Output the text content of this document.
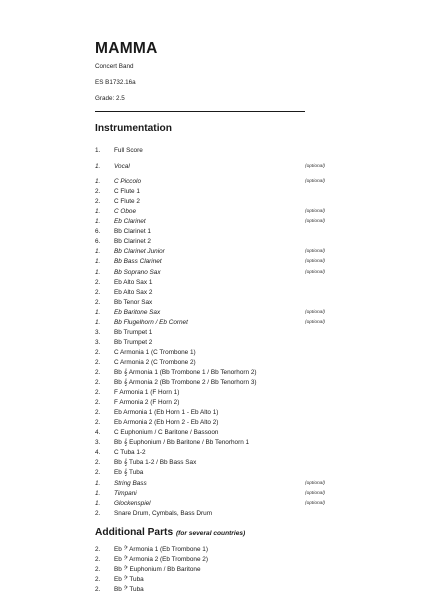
MAMMA
Concert Band
ES B1732.16a
Grade: 2.5
Instrumentation
1.	Full Score
1.	Vocal	(optional)
1.	C Piccolo	(optional)
2.	C Flute 1
2.	C Flute 2
1.	C Oboe	(optional)
1.	Eb Clarinet	(optional)
6.	Bb Clarinet 1
6.	Bb Clarinet 2
1.	Bb Clarinet Junior	(optional)
1.	Bb Bass Clarinet	(optional)
1.	Bb Soprano Sax	(optional)
2.	Eb Alto Sax 1
2.	Eb Alto Sax 2
2.	Bb Tenor Sax
1.	Eb Baritone Sax	(optional)
1.	Bb Flugelhorn / Eb Cornet	(optional)
3.	Bb Trumpet 1
3.	Bb Trumpet 2
2.	C Armonia 1 (C Trombone 1)
2.	C Armonia 2 (C Trombone 2)
2.	Bb 𝄞 Armonia 1 (Bb Trombone 1 / Bb Tenorhorn 2)
2.	Bb 𝄞 Armonia 2 (Bb Trombone 2 / Bb Tenorhorn 3)
2.	F Armonia 1 (F Horn 1)
2.	F Armonia 2 (F Horn 2)
2.	Eb Armonia 1 (Eb Horn 1 - Eb Alto 1)
2.	Eb Armonia 2 (Eb Horn 2 - Eb Alto 2)
4.	C Euphonium / C Baritone / Bassoon
3.	Bb 𝄞 Euphonium / Bb Baritone / Bb Tenorhorn 1
4.	C Tuba 1-2
2.	Bb 𝄞 Tuba 1-2 / Bb Bass Sax
2.	Eb 𝄞 Tuba
1.	String Bass	(optional)
1.	Timpani	(optional)
1.	Glockenspiel	(optional)
2.	Snare Drum, Cymbals, Bass Drum
Additional Parts (for several countries)
2.	Eb 𝄢 Armonia 1 (Eb Trombone 1)
2.	Eb 𝄢 Armonia 2 (Eb Trombone 2)
2.	Bb 𝄢 Euphonium / Bb Baritone
2.	Eb 𝄢 Tuba
2.	Bb 𝄢 Tuba
